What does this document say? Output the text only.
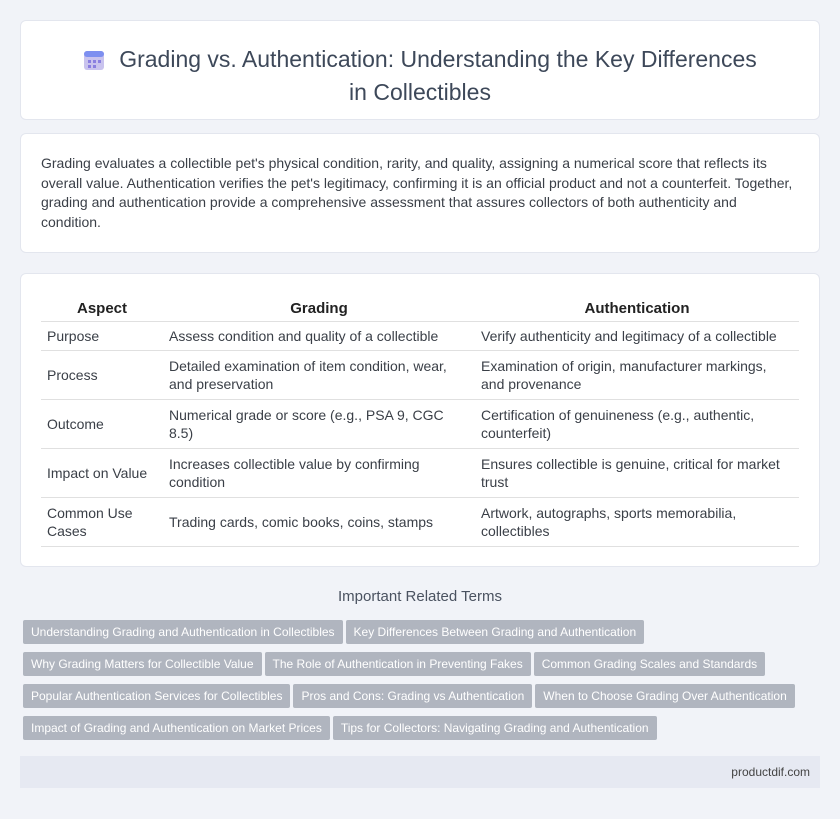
Grading vs. Authentication: Understanding the Key Differences in Collectibles

Grading evaluates a collectible pet's physical condition, rarity, and quality, assigning a numerical score that reflects its overall value. Authentication verifies the pet's legitimacy, confirming it is an official product and not a counterfeit. Together, grading and authentication provide a comprehensive assessment that assures collectors of both authenticity and condition.

Aspect	Grading	Authentication
Purpose	Assess condition and quality of a collectible	Verify authenticity and legitimacy of a collectible
Process	Detailed examination of item condition, wear, and preservation	Examination of origin, manufacturer markings, and provenance
Outcome	Numerical grade or score (e.g., PSA 9, CGC 8.5)	Certification of genuineness (e.g., authentic, counterfeit)
Impact on Value	Increases collectible value by confirming condition	Ensures collectible is genuine, critical for market trust
Common Use Cases	Trading cards, comic books, coins, stamps	Artwork, autographs, sports memorabilia, collectibles
Important Related Terms
Understanding Grading and Authentication in Collectibles Key Differences Between Grading and Authentication
Why Grading Matters for Collectible Value The Role of Authentication in Preventing Fakes Common Grading Scales and Standards
Popular Authentication Services for Collectibles Pros and Cons: Grading vs Authentication When to Choose Grading Over Authentication
Impact of Grading and Authentication on Market Prices Tips for Collectors: Navigating Grading and Authentication
productdif.com
